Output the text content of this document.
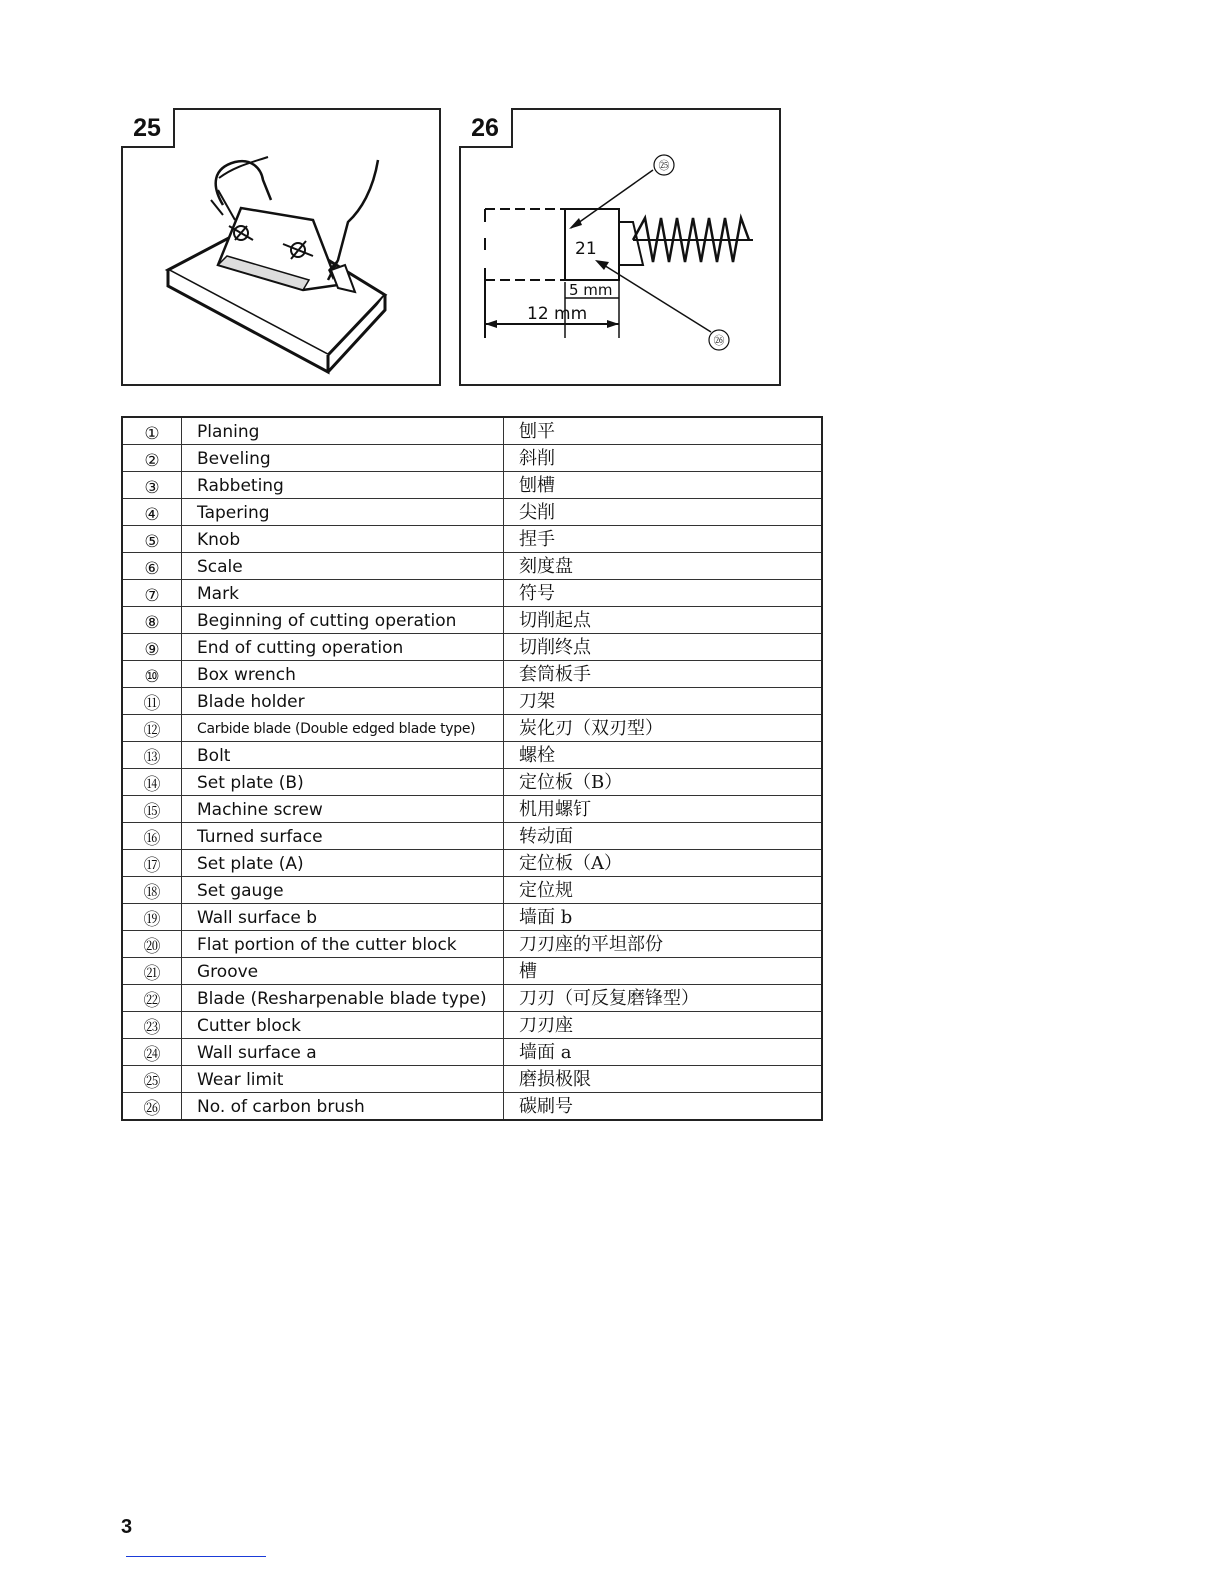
25
21
5 mm
12 mm
㉕
㉖
26
①	Planing	刨平
②	Beveling	斜削
③	Rabbeting	刨槽
④	Tapering	尖削
⑤	Knob	捏手
⑥	Scale	刻度盘
⑦	Mark	符号
⑧	Beginning of cutting operation	切削起点
⑨	End of cutting operation	切削终点
⑩	Box wrench	套筒板手
⑪	Blade holder	刀架
⑫	Carbide blade (Double edged blade type)	炭化刃（双刃型）
⑬	Bolt	螺栓
⑭	Set plate (B)	定位板（B）
⑮	Machine screw	机用螺钉
⑯	Turned surface	转动面
⑰	Set plate (A)	定位板（A）
⑱	Set gauge	定位规
⑲	Wall surface b	墙面 b
⑳	Flat portion of the cutter block	刀刃座的平坦部份
㉑	Groove	槽
㉒	Blade (Resharpenable blade type)	刀刃（可反复磨锋型）
㉓	Cutter block	刀刃座
㉔	Wall surface a	墙面 a
㉕	Wear limit	磨损极限
㉖	No. of carbon brush	碳刷号
3
